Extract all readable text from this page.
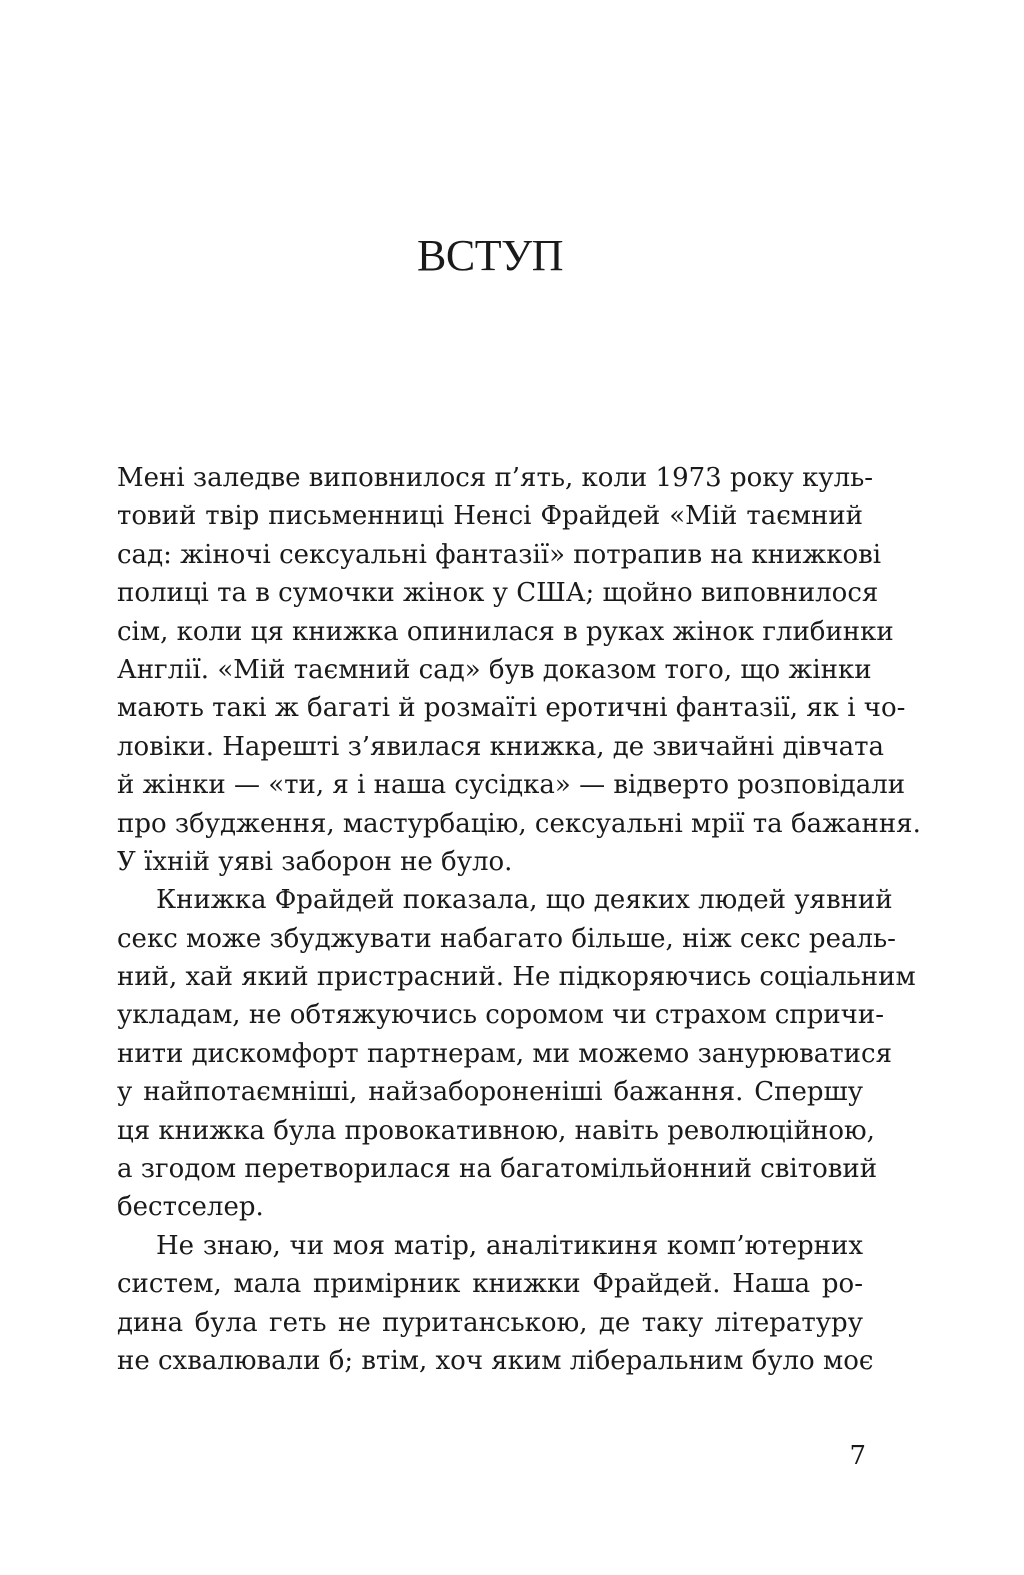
ВСТУП
Мені заледве виповнилося п’ять, коли 1973 року куль-
товий твір письменниці Ненсі Фрайдей «Мій таємний
сад: жіночі сексуальні фантазії» потрапив на книжкові
полиці та в сумочки жінок у США; щойно виповнилося
сім, коли ця книжка опинилася в руках жінок глибинки
Англії. «Мій таємний сад» був доказом того, що жінки
мають такі ж багаті й розмаїті еротичні фантазії, як і чо-
ловіки. Нарешті з’явилася книжка, де звичайні дівчата
й жінки — «ти, я і наша сусідка» — відверто розповідали
про збудження, мастурбацію, сексуальні мрії та бажання.
У їхній уяві заборон не було.
Книжка Фрайдей показала, що деяких людей уявний
секс може збуджувати набагато більше, ніж секс реаль-
ний, хай який пристрасний. Не підкоряючись соціальним
укладам, не обтяжуючись соромом чи страхом спричи-
нити дискомфорт партнерам, ми можемо занурюватися
у найпотаємніші, найзабороненіші бажання. Спершу
ця книжка була провокативною, навіть революційною,
а згодом перетворилася на багатомільйонний світовий
бестселер.
Не знаю, чи моя матір, аналітикиня комп’ютерних
систем, мала примірник книжки Фрайдей. Наша ро-
дина була геть не пуританською, де таку літературу
не схвалювали б; втім, хоч яким ліберальним було моє
7
